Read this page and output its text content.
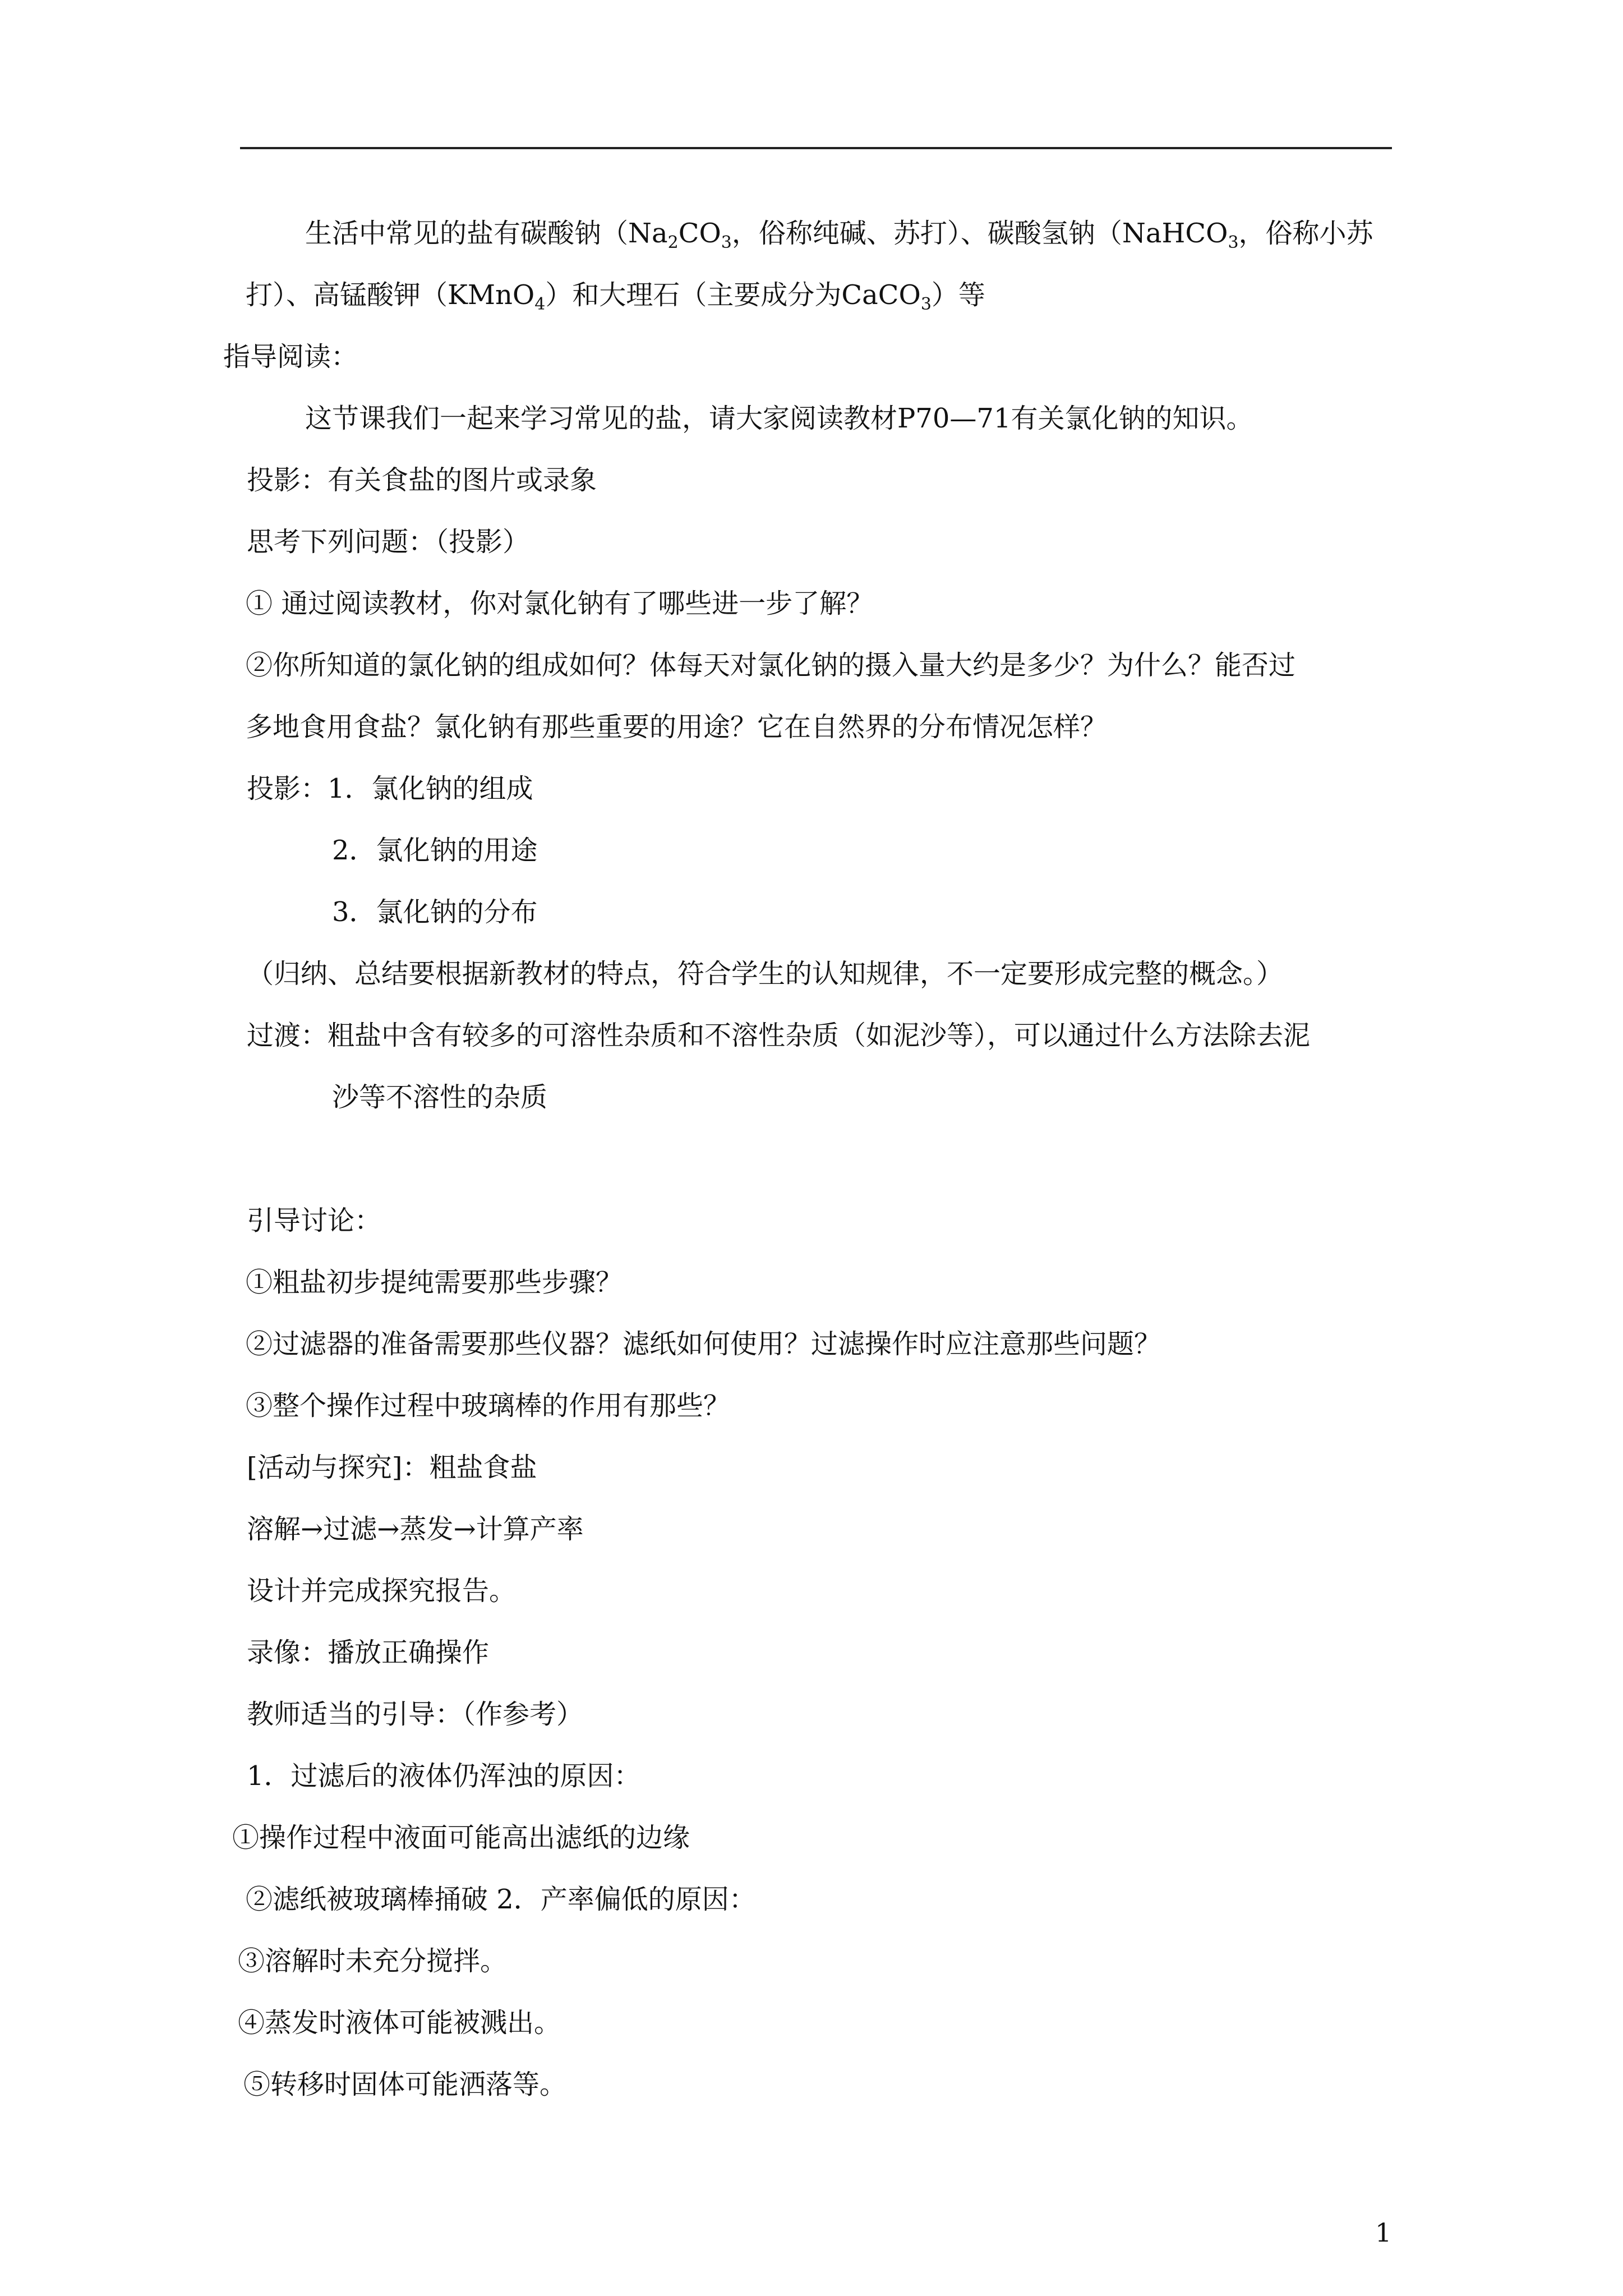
生活中常见的盐有碳酸钠（$Na_2CO_3$，俗称纯碱、苏打）、碳酸氢钠（NaHCO$_3$，俗称小苏
打）、高锰酸钾（KMnO$_4$）和大理石（主要成分为CaCO$_3$）等
指导阅读：
这节课我们一起来学习常见的盐，请大家阅读教材P70—71有关氯化钠的知识。
投影：有关食盐的图片或录象
思考下列问题：（投影）
① 通过阅读教材，你对氯化钠有了哪些进一步了解？
②你所知道的氯化钠的组成如何？体每天对氯化钠的摄入量大约是多少？为什么？能否过
多地食用食盐？氯化钠有那些重要的用途？它在自然界的分布情况怎样？
投影：1．氯化钠的组成
2．氯化钠的用途
3．氯化钠的分布
（归纳、总结要根据新教材的特点，符合学生的认知规律，不一定要形成完整的概念。）
过渡：粗盐中含有较多的可溶性杂质和不溶性杂质（如泥沙等），可以通过什么方法除去泥
沙等不溶性的杂质
引导讨论：
①粗盐初步提纯需要那些步骤？
②过滤器的准备需要那些仪器？滤纸如何使用？过滤操作时应注意那些问题？
③整个操作过程中玻璃棒的作用有那些？
[活动与探究]：粗盐食盐
溶解→过滤→蒸发→计算产率
设计并完成探究报告。
录像：播放正确操作
教师适当的引导：（作参考）
1．过滤后的液体仍浑浊的原因：
①操作过程中液面可能高出滤纸的边缘
②滤纸被玻璃棒捅破 2．产率偏低的原因：
③溶解时未充分搅拌。
④蒸发时液体可能被溅出。
⑤转移时固体可能洒落等。
1
